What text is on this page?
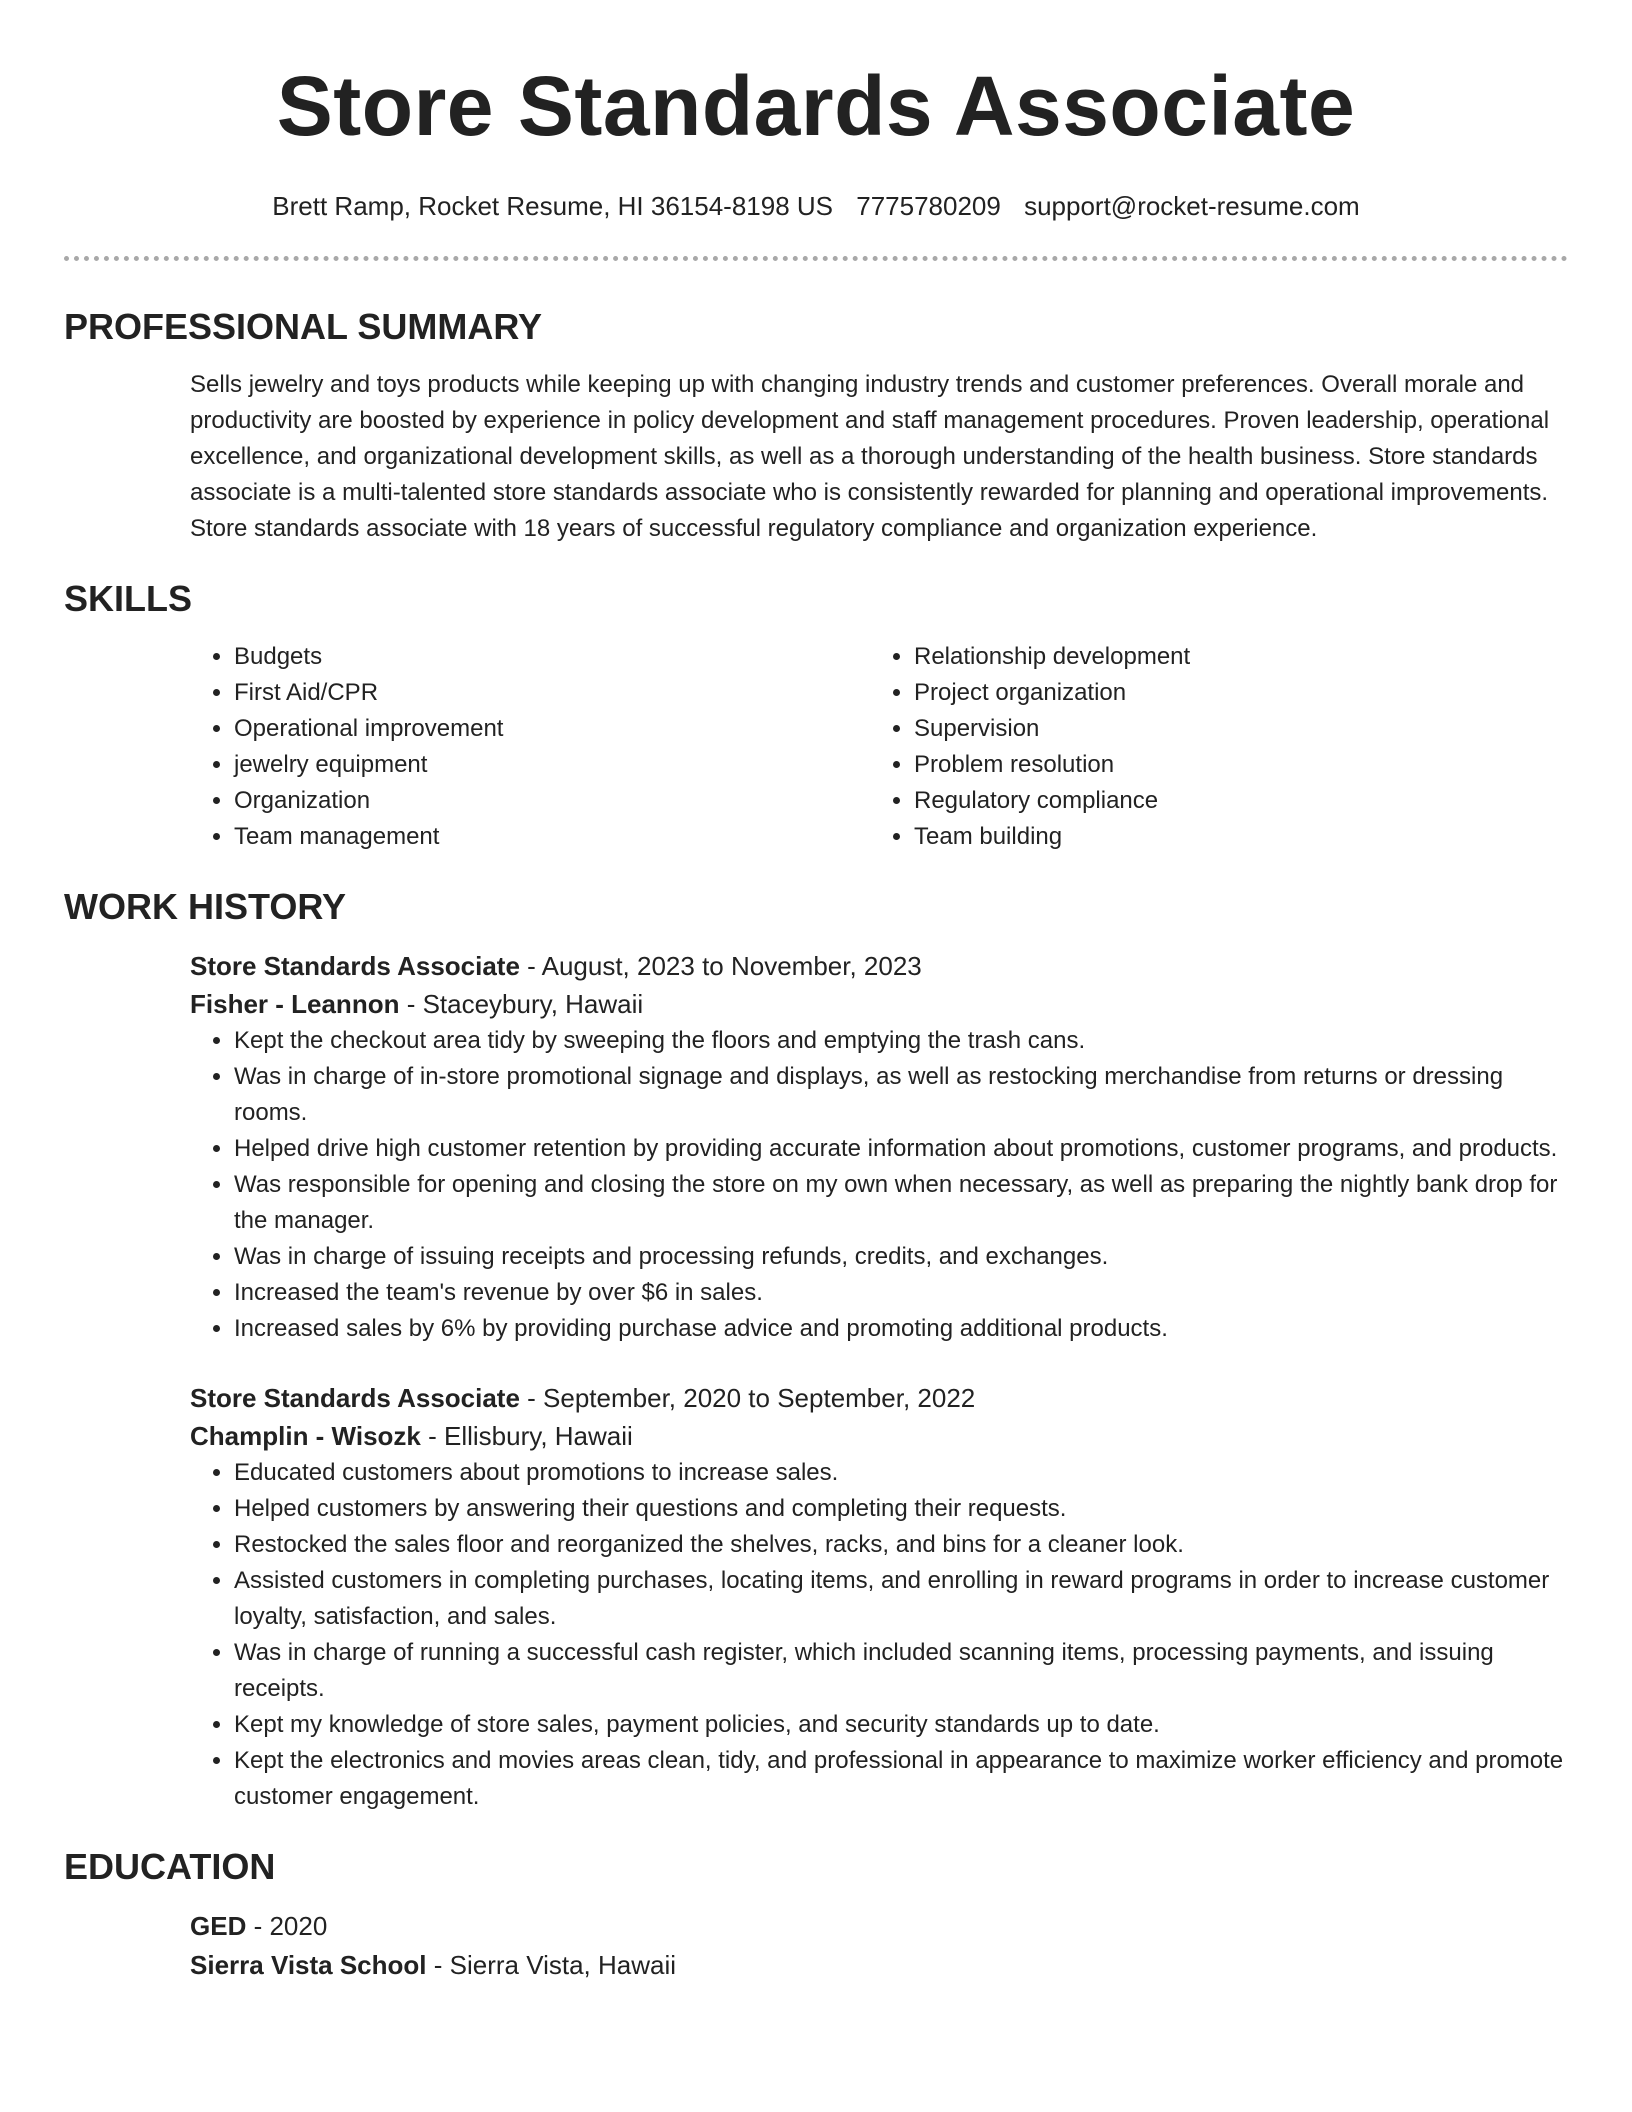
Store Standards Associate
Brett Ramp, Rocket Resume, HI 36154-8198 US 7775780209 support@rocket-resume.com
PROFESSIONAL SUMMARY

Sells jewelry and toys products while keeping up with changing industry trends and customer preferences. Overall morale and productivity are boosted by experience in policy development and staff management procedures. Proven leadership, operational excellence, and organizational development skills, as well as a thorough understanding of the health business. Store standards associate is a multi-talented store standards associate who is consistently rewarded for planning and operational improvements. Store standards associate with 18 years of successful regulatory compliance and organization experience.

SKILLS
• Budgets
• First Aid/CPR
• Operational improvement
• jewelry equipment
• Organization
• Team management
• Relationship development
• Project organization
• Supervision
• Problem resolution
• Regulatory compliance
• Team building
WORK HISTORY
Store Standards Associate - August, 2023 to November, 2023
Fisher - Leannon - Staceybury, Hawaii
• Kept the checkout area tidy by sweeping the floors and emptying the trash cans.
• Was in charge of in-store promotional signage and displays, as well as restocking merchandise from returns or dressing rooms.
• Helped drive high customer retention by providing accurate information about promotions, customer programs, and products.
• Was responsible for opening and closing the store on my own when necessary, as well as preparing the nightly bank drop for the manager.
• Was in charge of issuing receipts and processing refunds, credits, and exchanges.
• Increased the team's revenue by over $6 in sales.
• Increased sales by 6% by providing purchase advice and promoting additional products.
Store Standards Associate - September, 2020 to September, 2022
Champlin - Wisozk - Ellisbury, Hawaii
• Educated customers about promotions to increase sales.
• Helped customers by answering their questions and completing their requests.
• Restocked the sales floor and reorganized the shelves, racks, and bins for a cleaner look.
• Assisted customers in completing purchases, locating items, and enrolling in reward programs in order to increase customer loyalty, satisfaction, and sales.
• Was in charge of running a successful cash register, which included scanning items, processing payments, and issuing receipts.
• Kept my knowledge of store sales, payment policies, and security standards up to date.
• Kept the electronics and movies areas clean, tidy, and professional in appearance to maximize worker efficiency and promote customer engagement.
EDUCATION
GED - 2020
Sierra Vista School - Sierra Vista, Hawaii
